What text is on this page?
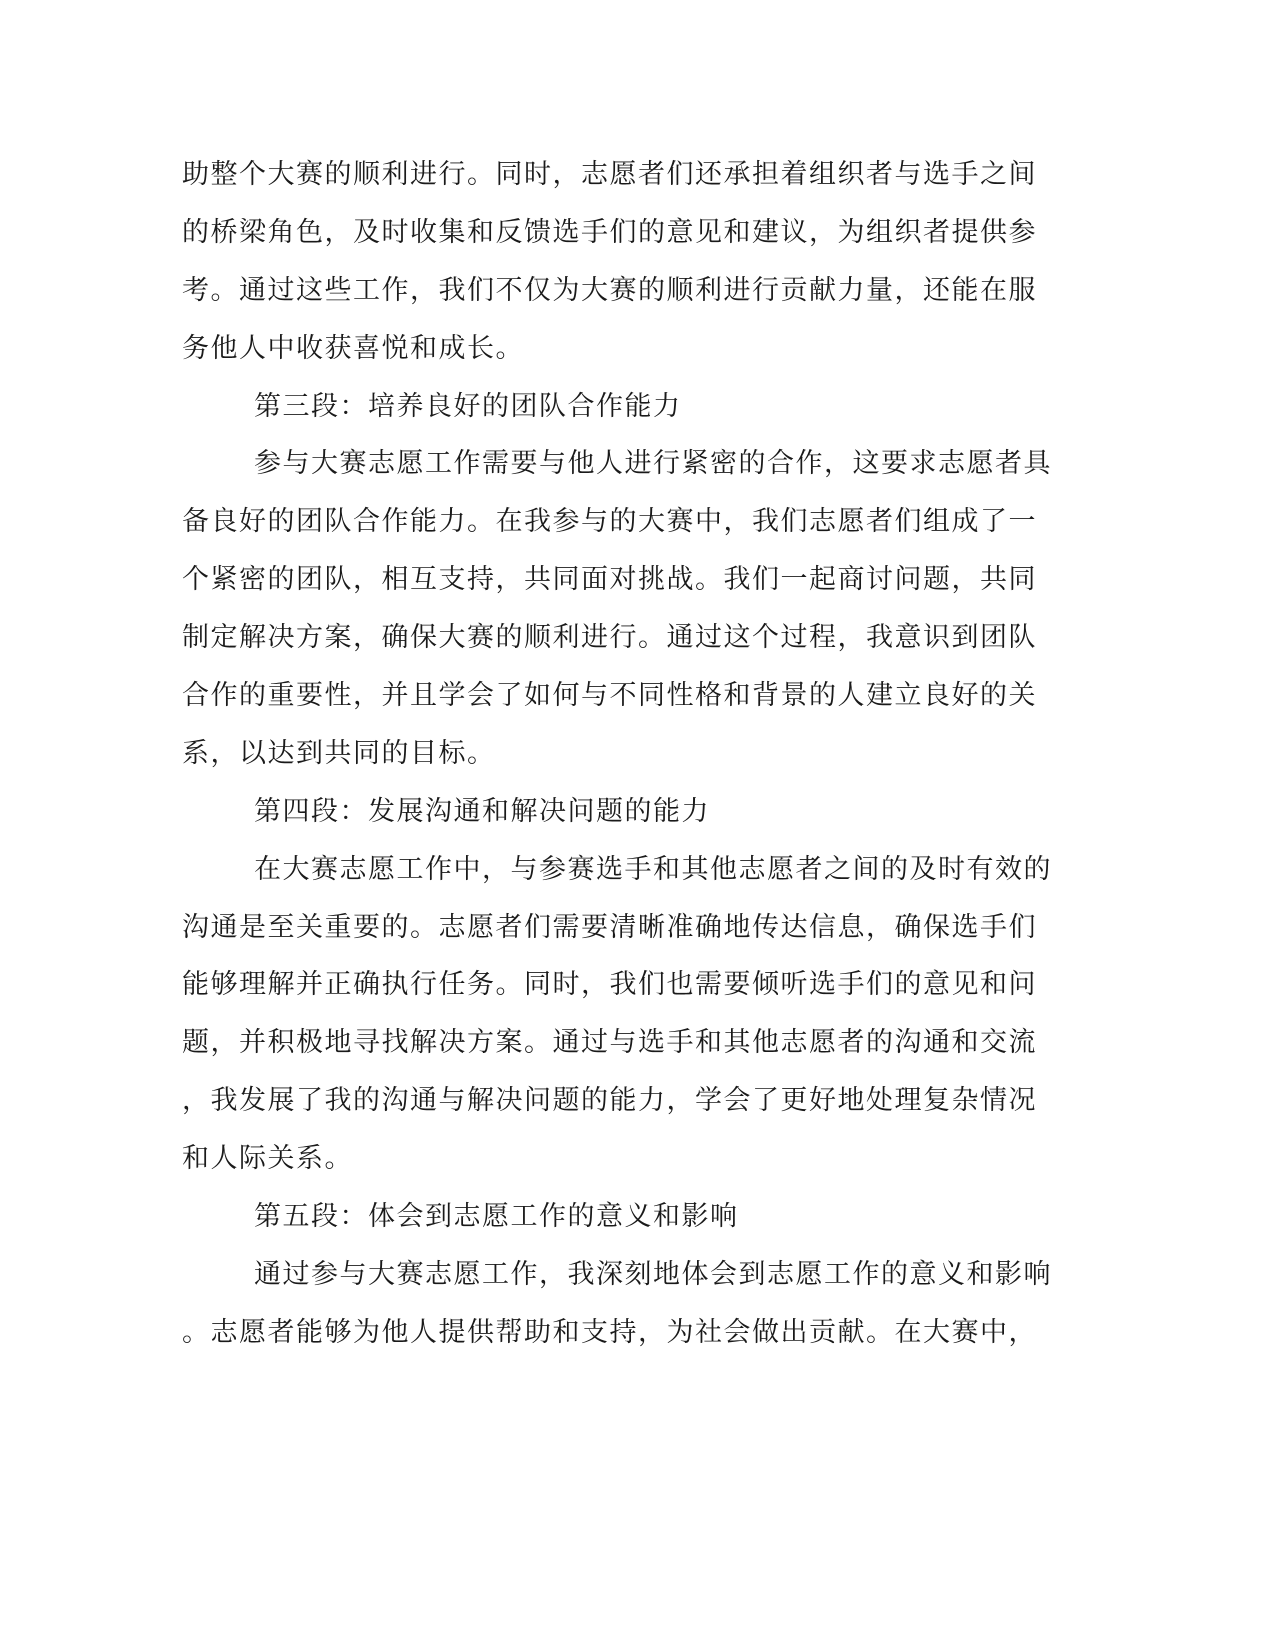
助整个大赛的顺利进行。同时，志愿者们还承担着组织者与选手之间
的桥梁角色，及时收集和反馈选手们的意见和建议，为组织者提供参
考。通过这些工作，我们不仅为大赛的顺利进行贡献力量，还能在服
务他人中收获喜悦和成长。
第三段：培养良好的团队合作能力
参与大赛志愿工作需要与他人进行紧密的合作，这要求志愿者具
备良好的团队合作能力。在我参与的大赛中，我们志愿者们组成了一
个紧密的团队，相互支持，共同面对挑战。我们一起商讨问题，共同
制定解决方案，确保大赛的顺利进行。通过这个过程，我意识到团队
合作的重要性，并且学会了如何与不同性格和背景的人建立良好的关
系，以达到共同的目标。
第四段：发展沟通和解决问题的能力
在大赛志愿工作中，与参赛选手和其他志愿者之间的及时有效的
沟通是至关重要的。志愿者们需要清晰准确地传达信息，确保选手们
能够理解并正确执行任务。同时，我们也需要倾听选手们的意见和问
题，并积极地寻找解决方案。通过与选手和其他志愿者的沟通和交流
，我发展了我的沟通与解决问题的能力，学会了更好地处理复杂情况
和人际关系。
第五段：体会到志愿工作的意义和影响
通过参与大赛志愿工作，我深刻地体会到志愿工作的意义和影响
。志愿者能够为他人提供帮助和支持，为社会做出贡献。在大赛中，
